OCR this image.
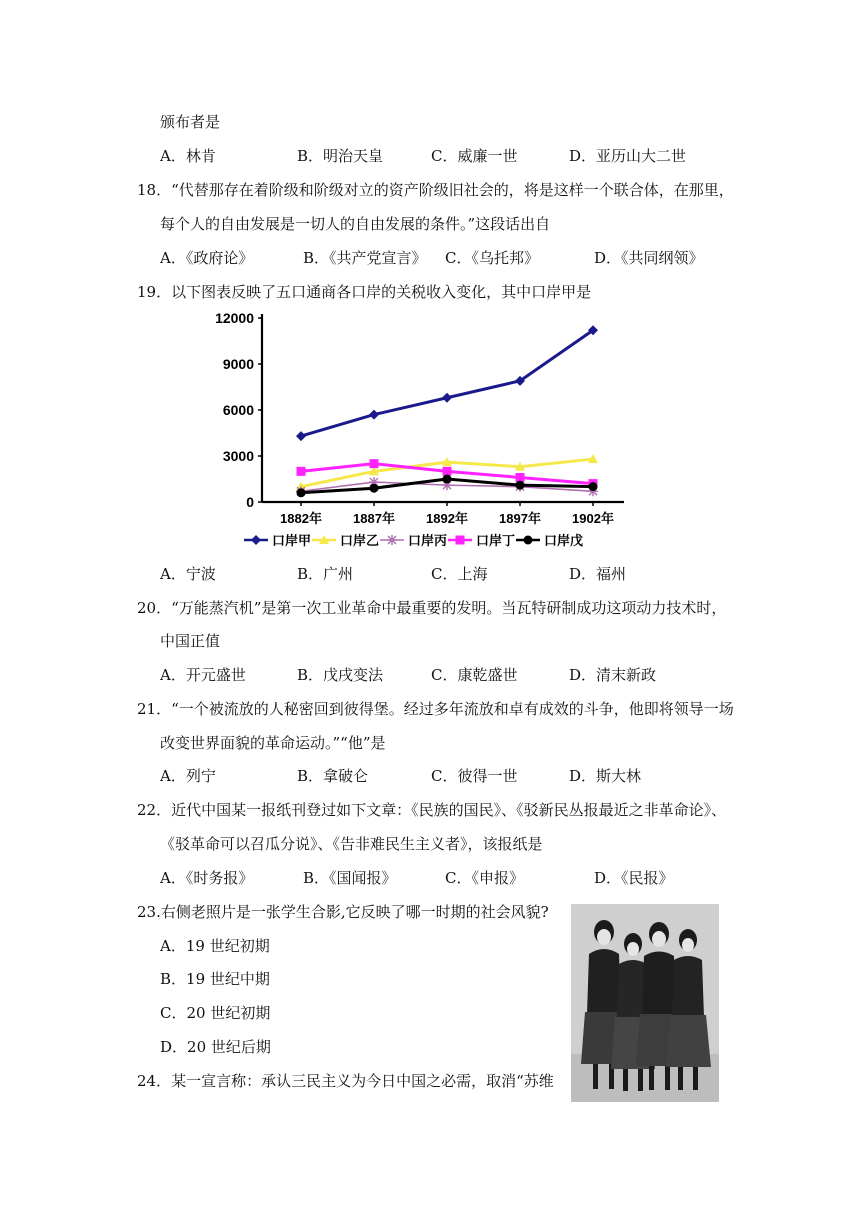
颁布者是
A．林肯	B．明治天皇	C．威廉一世	D．亚历山大二世
18．“代替那存在着阶级和阶级对立的资产阶级旧社会的，将是这样一个联合体，在那里，
每个人的自由发展是一切人的自由发展的条件。”这段话出自
A．《政府论》	B．《共产党宣言》 C．《乌托邦》	D．《共同纲领》
19．以下图表反映了五口通商各口岸的关税收入变化，其中口岸甲是
0
3000
6000
9000
12000
1882年 1887年 1892年 1897年 1902年
口岸甲 口岸乙 口岸丙 口岸丁 口岸戊
A．宁波	B．广州	C．上海	D．福州
20．“万能蒸汽机”是第一次工业革命中最重要的发明。当瓦特研制成功这项动力技术时，
中国正值
A．开元盛世	B．戊戌变法	C．康乾盛世	D．清末新政
21．“一个被流放的人秘密回到彼得堡。经过多年流放和卓有成效的斗争，他即将领导一场
改变世界面貌的革命运动。”“他”是
A．列宁	B．拿破仑	C．彼得一世	D．斯大林
22．近代中国某一报纸刊登过如下文章：《民族的国民》、《驳新民丛报最近之非革命论》、
《驳革命可以召瓜分说》、《告非难民生主义者》，该报纸是
A．《时务报》	B．《国闻报》	C．《申报》	D．《民报》
23.右侧老照片是一张学生合影,它反映了哪一时期的社会风貌?
A．19 世纪初期
B．19 世纪中期
C．20 世纪初期
D．20 世纪后期
24．某一宣言称：承认三民主义为今日中国之必需，取消“苏维
